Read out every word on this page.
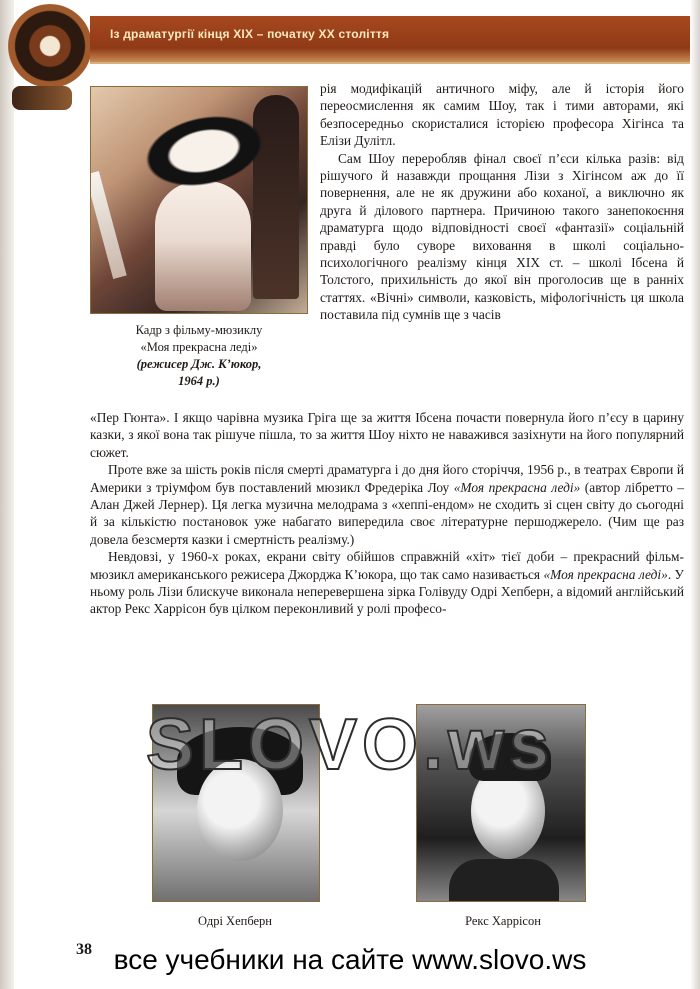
Із драматургії кінця XIX – початку XX століття
Кадр з фільму-мюзиклу
«Моя прекрасна леді»
(режисер Дж. К’юкор,
1964 р.)

рія модифікацій античного міфу, але й історія його переосмислення як самим Шоу, так і тими авторами, які безпосередньо скористалися історією професора Хігінса та Елізи Дулітл.

Сам Шоу переробляв фінал своєї п’єси кілька разів: від рішучого й назавжди прощання Лізи з Хігінсом аж до її повернення, але не як дружини або коханої, а виключно як друга й ділового партнера. Причиною такого занепокоєння драматурга щодо відповідності своєї «фантазії» соціальній правді було суворе виховання в школі соціально-психологічного реалізму кінця XIX ст. – школі Ібсена й Толстого, прихильність до якої він проголосив ще в ранніх статтях. «Вічні» символи, казковість, міфологічність ця школа поставила під сумнів ще з часів

«Пер Гюнта». І якщо чарівна музика Гріга ще за життя Ібсена почасти повернула його п’єсу в царину казки, з якої вона так рішуче пішла, то за життя Шоу ніхто не наважився зазіхнути на його популярний сюжет.

Проте вже за шість років після смерті драматурга і до дня його сторіччя, 1956 р., в театрах Європи й Америки з тріумфом був поставлений мюзикл Фредеріка Лоу «Моя прекрасна леді» (автор лібретто – Алан Джей Лернер). Ця легка музична мелодрама з «хеппі-ендом» не сходить зі сцен світу до сьогодні й за кількістю постановок уже набагато випередила своє літературне першоджерело. (Чим ще раз довела безсмертя казки і смертність реалізму.)

Невдовзі, у 1960-х роках, екрани світу обійшов справжній «хіт» тієї доби – прекрасний фільм-мюзикл американського режисера Джорджа К’юкора, що так само називається «Моя прекрасна леді». У ньому роль Лізи блискуче виконала неперевершена зірка Голівуду Одрі Хепберн, а відомий англійський актор Рекс Харрісон був цілком переконливий у ролі професо-

SLOVO.ws
Одрі Хепберн	Рекс Харрісон
38 все учебники на сайте www.slovo.ws
